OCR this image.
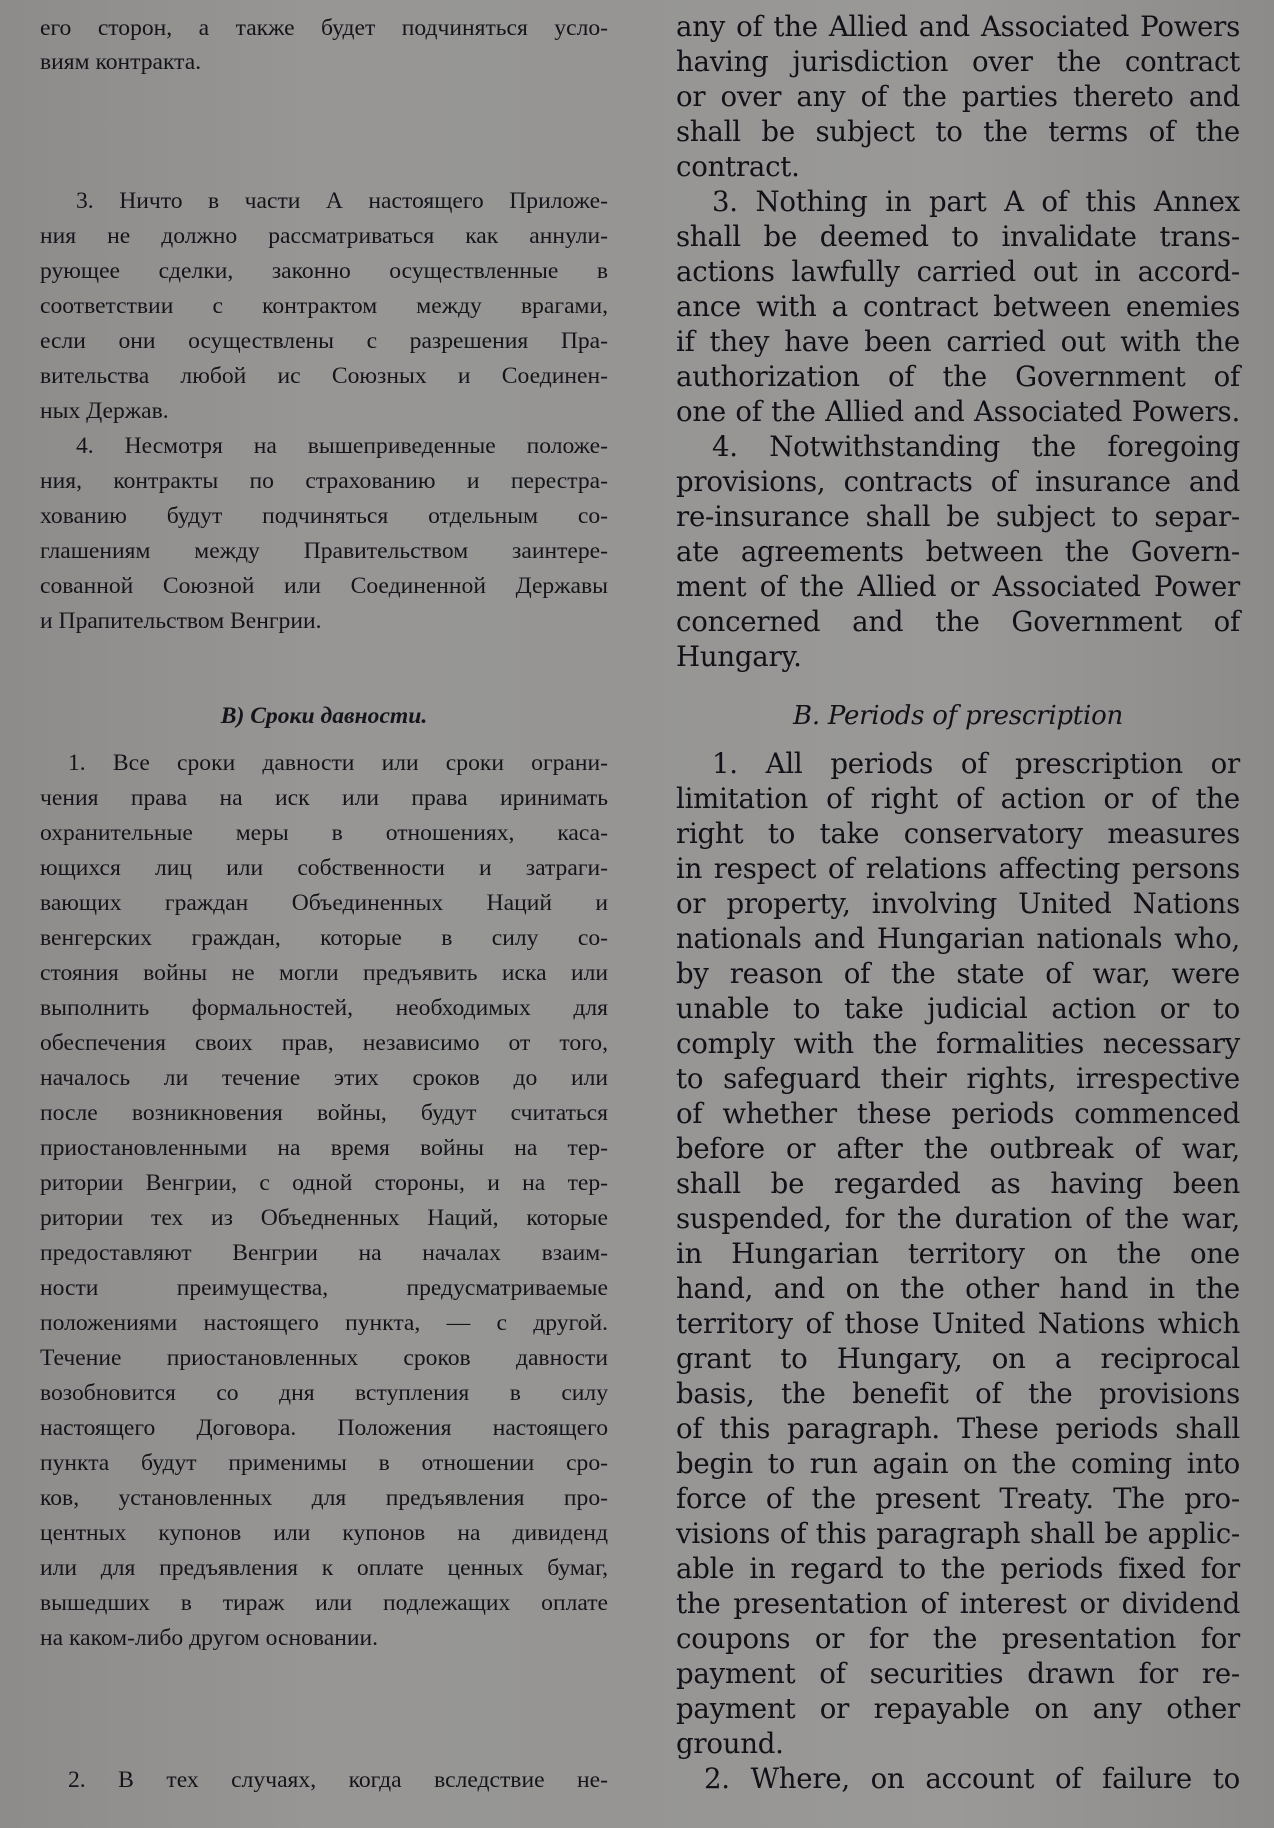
его сторон, а также будет подчиняться усло-
виям контракта.
3. Ничто в части А настоящего Приложе-
ния не должно рассматриваться как аннули-
рующее сделки, законно осуществленные в
соответствии с контрактом между врагами,
если они осуществлены с разрешения Пра-
вительства любой ис Союзных и Соединен-
ных Держав.
4. Несмотря на вышеприведенные положе-
ния, контракты по страхованию и перестра-
хованию будут подчиняться отдельным со-
глашениям между Правительством заинтере-
сованной Союзной или Соединенной Державы
и Прапительством Венгрии.
В) Сроки давности.
1. Все сроки давности или сроки ограни-
чения права на иск или права иринимать
охранительные меры в отношениях, каса-
ющихся лиц или собственности и затраги-
вающих граждан Объединенных Наций и
венгерских граждан, которые в силу со-
стояния войны не могли предъявить иска или
выполнить формальностей, необходимых для
обеспечения своих прав, независимо от того,
началось ли течение этих сроков до или
после возникновения войны, будут считаться
приостановленными на время войны на тер-
ритории Венгрии, с одной стороны, и на тер-
ритории тех из Объедненных Наций, которые
предоставляют Венгрии на началах взаим-
ности преимущества, предусматриваемые
положениями настоящего пункта, — с другой.
Течение приостановленных сроков давности
возобновится со дня вступления в силу
настоящего Договора. Положения настоящего
пункта будут применимы в отношении сро-
ков, установленных для предъявления про-
центных купонов или купонов на дивиденд
или для предъявления к оплате ценных бумаг,
вышедших в тираж или подлежащих оплате
на каком-либо другом основании.
2. В тех случаях, когда вследствие не-
any of the Allied and Associated Powers
having jurisdiction over the contract
or over any of the parties thereto and
shall be subject to the terms of the
contract.
3. Nothing in part A of this Annex
shall be deemed to invalidate trans-
actions lawfully carried out in accord-
ance with a contract between enemies
if they have been carried out with the
authorization of the Government of
one of the Allied and Associated Powers.
4. Notwithstanding the foregoing
provisions, contracts of insurance and
re-insurance shall be subject to separ-
ate agreements between the Govern-
ment of the Allied or Associated Power
concerned and the Government of
Hungary.
B. Periods of prescription
1. All periods of prescription or
limitation of right of action or of the
right to take conservatory measures
in respect of relations affecting persons
or property, involving United Nations
nationals and Hungarian nationals who,
by reason of the state of war, were
unable to take judicial action or to
comply with the formalities necessary
to safeguard their rights, irrespective
of whether these periods commenced
before or after the outbreak of war,
shall be regarded as having been
suspended, for the duration of the war,
in Hungarian territory on the one
hand, and on the other hand in the
territory of those United Nations which
grant to Hungary, on a reciprocal
basis, the benefit of the provisions
of this paragraph. These periods shall
begin to run again on the coming into
force of the present Treaty. The pro-
visions of this paragraph shall be applic-
able in regard to the periods fixed for
the presentation of interest or dividend
coupons or for the presentation for
payment of securities drawn for re-
payment or repayable on any other
ground.
2. Where, on account of failure to
